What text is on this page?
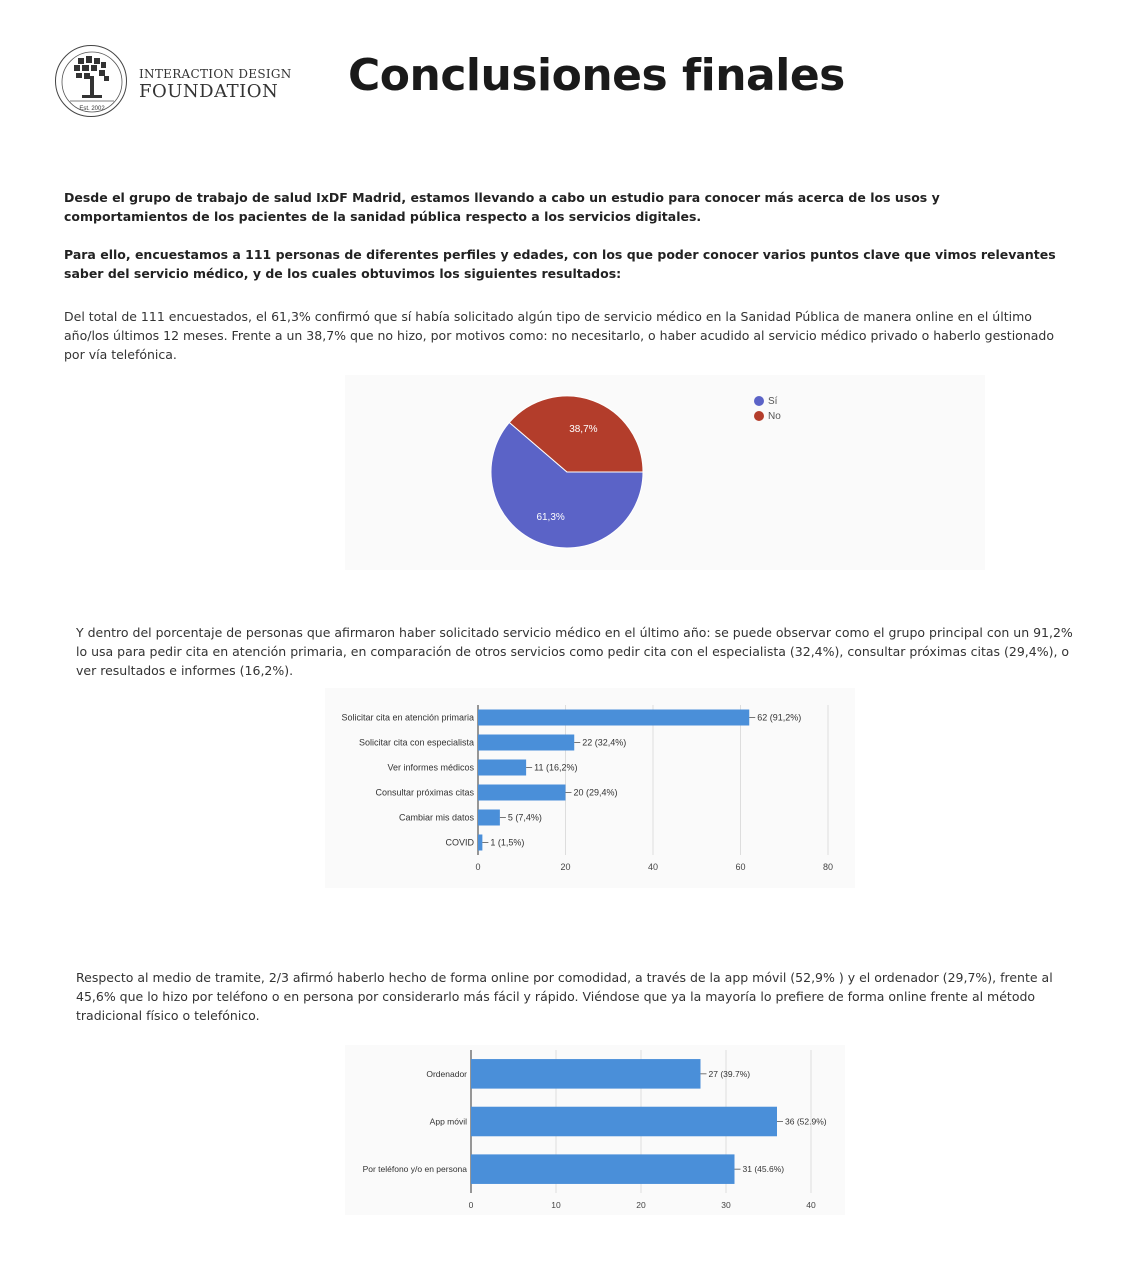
Est. 2002
INTERACTION DESIGN
FOUNDATION Conclusiones finales

Desde el grupo de trabajo de salud IxDF Madrid, estamos llevando a cabo un estudio para conocer más acerca de los usos y comportamientos de los pacientes de la sanidad pública respecto a los servicios digitales.

Para ello, encuestamos a 111 personas de diferentes perfiles y edades, con los que poder conocer varios puntos clave que vimos relevantes saber del servicio médico, y de los cuales obtuvimos los siguientes resultados:

Del total de 111 encuestados, el 61,3% confirmó que sí había solicitado algún tipo de servicio médico en la Sanidad Pública de manera online en el último año/los últimos 12 meses. Frente a un 38,7% que no hizo, por motivos como: no necesitarlo, o haber acudido al servicio médico privado o haberlo gestionado por vía telefónica.

61,3%
38,7%
Sí
No

Y dentro del porcentaje de personas que afirmaron haber solicitado servicio médico en el último año: se puede observar como el grupo principal con un 91,2% lo usa para pedir cita en atención primaria, en comparación de otros servicios como pedir cita con el especialista (32,4%), consultar próximas citas (29,4%), o ver resultados e informes (16,2%).

0	20	40	60	80
Solicitar cita en atención primaria	62 (91,2%)
Solicitar cita con especialista	22 (32,4%)
Ver informes médicos	11 (16,2%)
Consultar próximas citas	20 (29,4%)
Cambiar mis datos	5 (7,4%)
COVID 1 (1,5%)

Respecto al medio de tramite, 2/3 afirmó haberlo hecho de forma online por comodidad, a través de la app móvil (52,9% ) y el ordenador (29,7%), frente al 45,6% que lo hizo por teléfono o en persona por considerarlo más fácil y rápido. Viéndose que ya la mayoría lo prefiere de forma online frente al método tradicional físico o telefónico.

0	10	20	30	40
Ordenador	27 (39.7%)
App móvil	36 (52.9%)
Por teléfono y/o en persona	31 (45.6%)
